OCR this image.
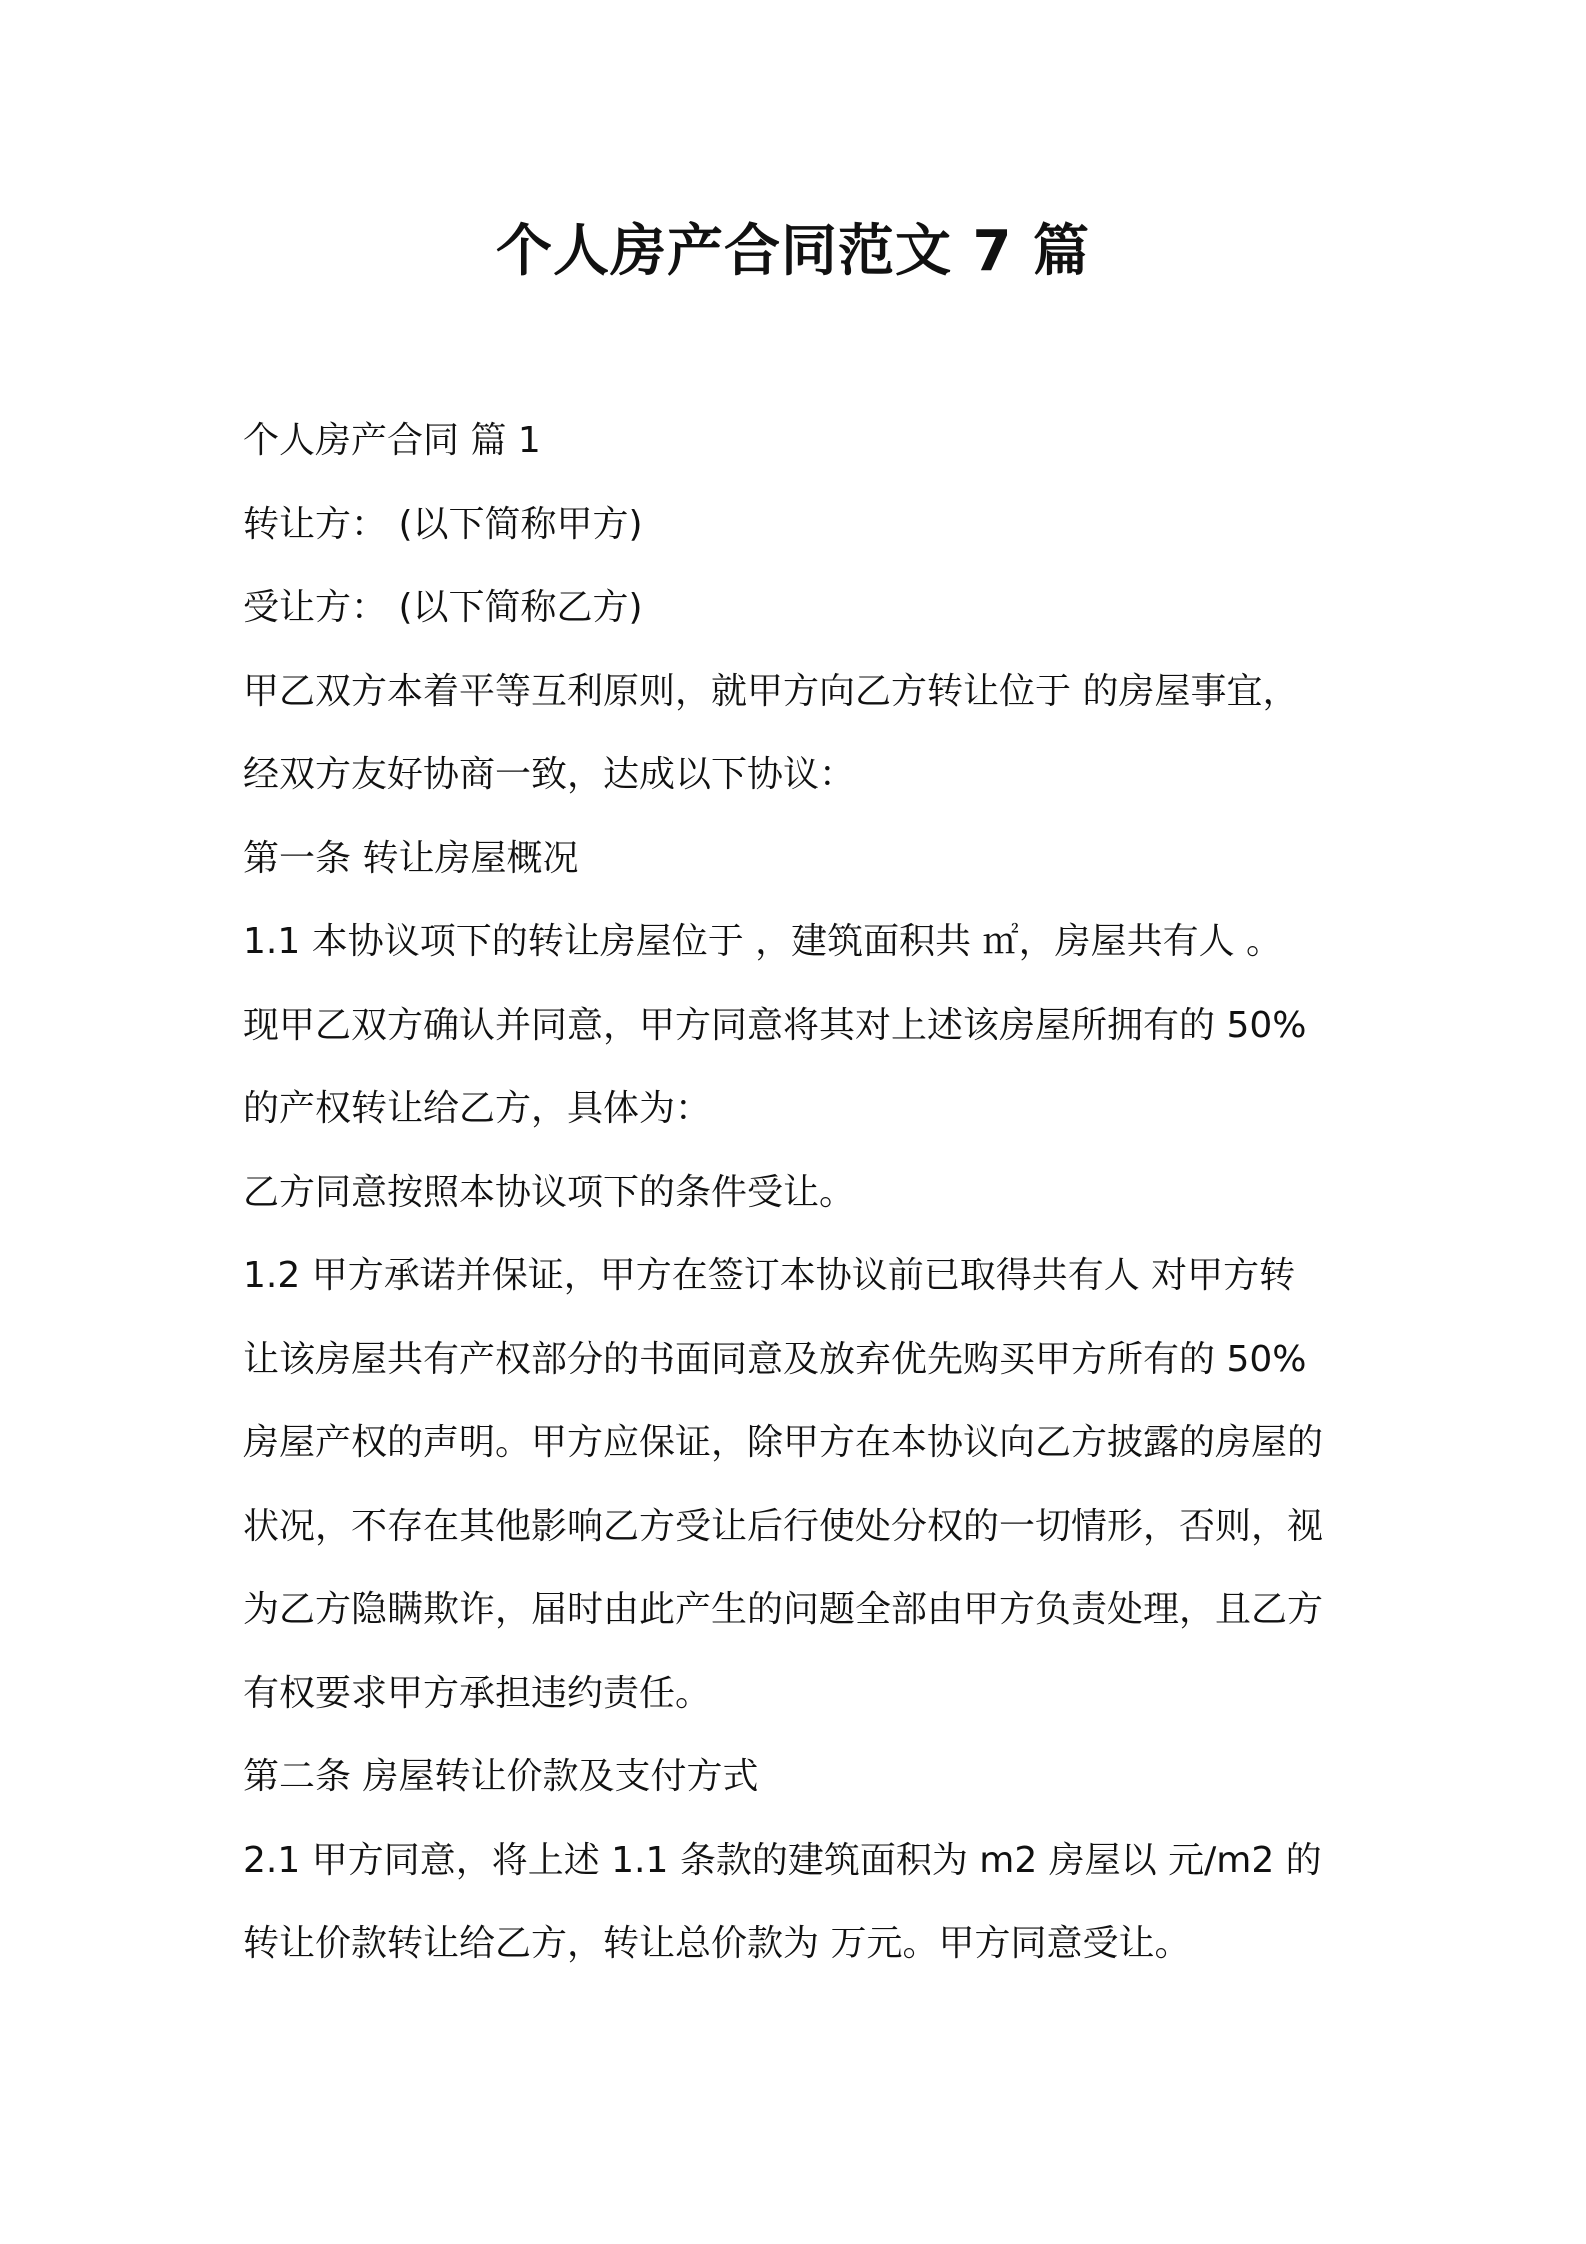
个人房产合同范文 7 篇

个人房产合同 篇 1

转让方： (以下简称甲方)

受让方： (以下简称乙方)

甲乙双方本着平等互利原则，就甲方向乙方转让位于 的房屋事宜，

经双方友好协商一致，达成以下协议：

第一条 转让房屋概况

1.1 本协议项下的转让房屋位于 ，建筑面积共 ㎡，房屋共有人 。

现甲乙双方确认并同意，甲方同意将其对上述该房屋所拥有的 50%

的产权转让给乙方，具体为：

乙方同意按照本协议项下的条件受让。

1.2 甲方承诺并保证，甲方在签订本协议前已取得共有人 对甲方转

让该房屋共有产权部分的书面同意及放弃优先购买甲方所有的 50%

房屋产权的声明。甲方应保证，除甲方在本协议向乙方披露的房屋的

状况，不存在其他影响乙方受让后行使处分权的一切情形，否则，视

为乙方隐瞒欺诈，届时由此产生的问题全部由甲方负责处理，且乙方

有权要求甲方承担违约责任。

第二条 房屋转让价款及支付方式

2.1 甲方同意，将上述 1.1 条款的建筑面积为 m2 房屋以 元/m2 的

转让价款转让给乙方，转让总价款为 万元。甲方同意受让。
